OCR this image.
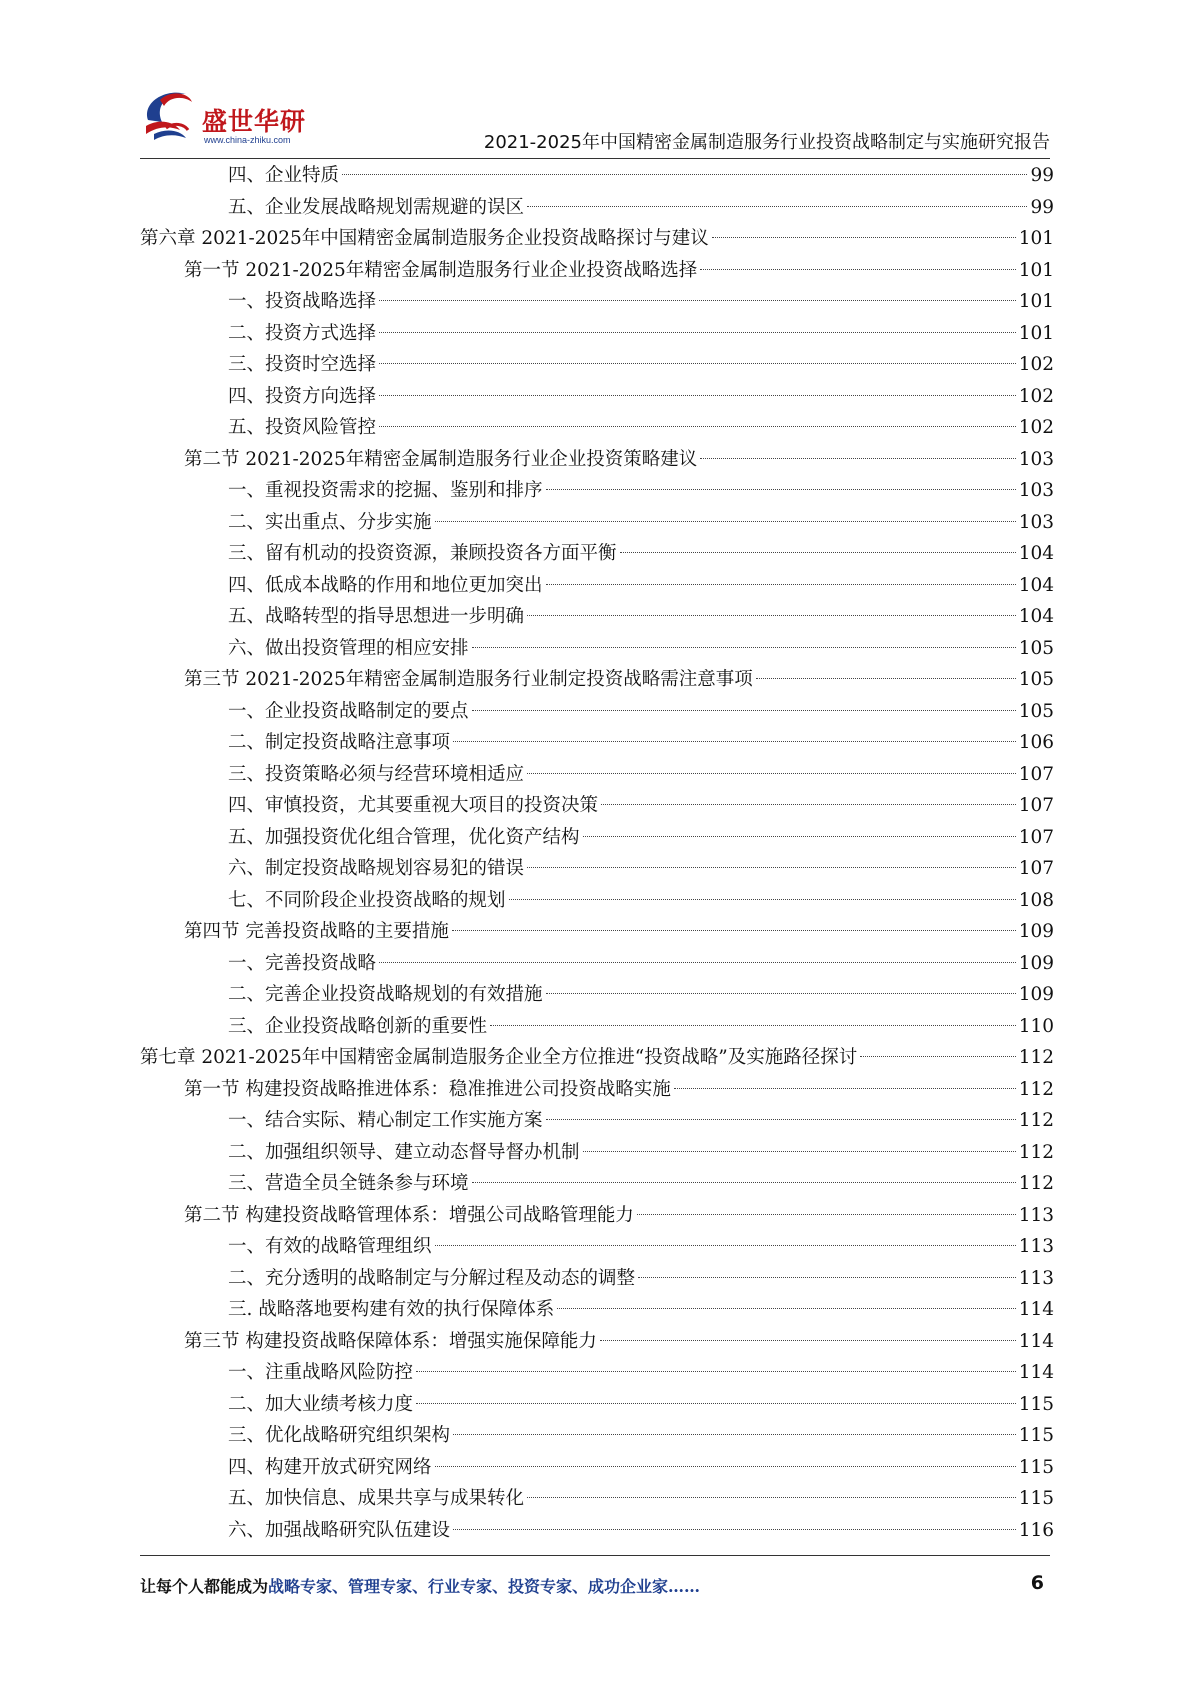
盛世华研
www.china-zhiku.com	2021-2025年中国精密金属制造服务行业投资战略制定与实施研究报告
四、企业特质	99
五、企业发展战略规划需规避的误区	99
第六章 2021-2025年中国精密金属制造服务企业投资战略探讨与建议	101
第一节 2021-2025年精密金属制造服务行业企业投资战略选择	101
一、投资战略选择	101
二、投资方式选择	101
三、投资时空选择	102
四、投资方向选择	102
五、投资风险管控	102
第二节 2021-2025年精密金属制造服务行业企业投资策略建议	103
一、重视投资需求的挖掘、鉴别和排序	103
二、实出重点、分步实施	103
三、留有机动的投资资源，兼顾投资各方面平衡	104
四、低成本战略的作用和地位更加突出	104
五、战略转型的指导思想进一步明确	104
六、做出投资管理的相应安排	105
第三节 2021-2025年精密金属制造服务行业制定投资战略需注意事项	105
一、企业投资战略制定的要点	105
二、制定投资战略注意事项	106
三、投资策略必须与经营环境相适应	107
四、审慎投资，尤其要重视大项目的投资决策	107
五、加强投资优化组合管理，优化资产结构	107
六、制定投资战略规划容易犯的错误	107
七、不同阶段企业投资战略的规划	108
第四节 完善投资战略的主要措施	109
一、完善投资战略	109
二、完善企业投资战略规划的有效措施	109
三、企业投资战略创新的重要性	110
第七章 2021-2025年中国精密金属制造服务企业全方位推进“投资战略”及实施路径探讨	112
第一节 构建投资战略推进体系：稳准推进公司投资战略实施	112
一、结合实际、精心制定工作实施方案	112
二、加强组织领导、建立动态督导督办机制	112
三、营造全员全链条参与环境	112
第二节 构建投资战略管理体系：增强公司战略管理能力	113
一、有效的战略管理组织	113
二、充分透明的战略制定与分解过程及动态的调整	113
三. 战略落地要构建有效的执行保障体系	114
第三节 构建投资战略保障体系：增强实施保障能力	114
一、注重战略风险防控	114
二、加大业绩考核力度	115
三、优化战略研究组织架构	115
四、构建开放式研究网络	115
五、加快信息、成果共享与成果转化	115
六、加强战略研究队伍建设	116
让每个人都能成为战略专家、管理专家、行业专家、投资专家、成功企业家……	6
